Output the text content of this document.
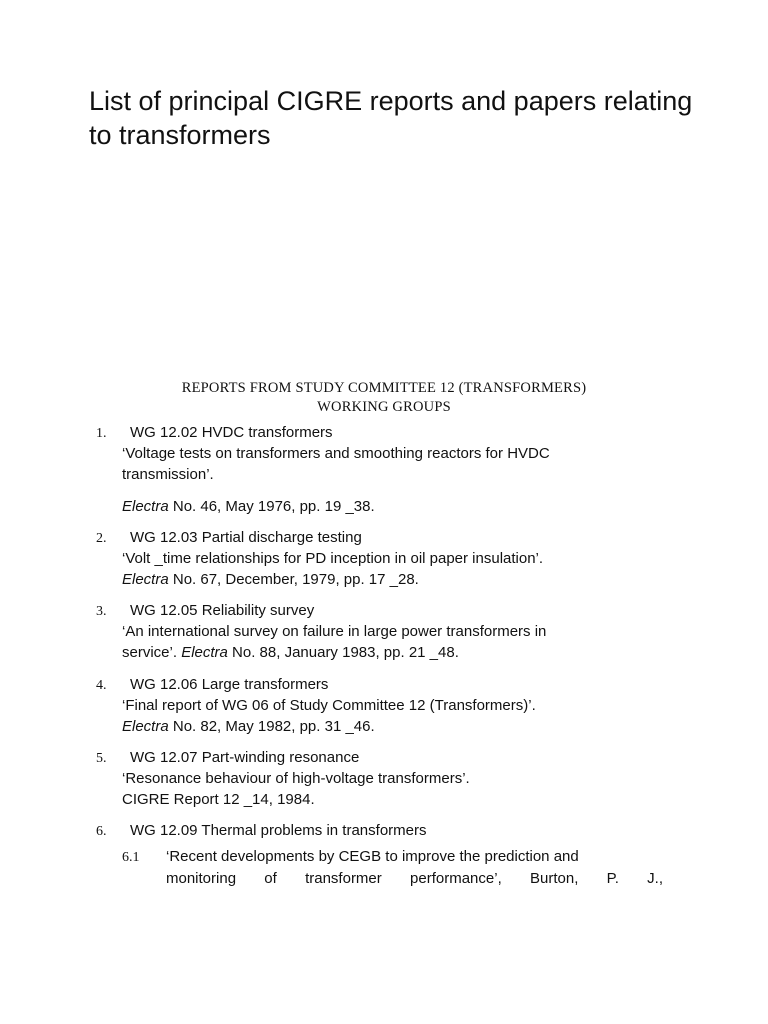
List of principal CIGRE reports and papers relating to transformers
REPORTS FROM STUDY COMMITTEE 12 (TRANSFORMERS)
WORKING GROUPS
1. WG 12.02 HVDC transformers
‘Voltage tests on transformers and smoothing reactors for HVDC
transmission’.
Electra No. 46, May 1976, pp. 19 _38.
2. WG 12.03 Partial discharge testing
‘Volt _time relationships for PD inception in oil paper insulation’.
Electra No. 67, December, 1979, pp. 17 _28.
3. WG 12.05 Reliability survey
‘An international survey on failure in large power transformers in
service’. Electra No. 88, January 1983, pp. 21 _48.
4. WG 12.06 Large transformers
‘Final report of WG 06 of Study Committee 12 (Transformers)’.
Electra No. 82, May 1982, pp. 31 _46.
5. WG 12.07 Part-winding resonance
‘Resonance behaviour of high-voltage transformers’.
CIGRE Report 12 _14, 1984.
6. WG 12.09 Thermal problems in transformers
6.1 ‘Recent developments by CEGB to improve the prediction and
monitoring of transformer performance’, Burton, P. J.,
